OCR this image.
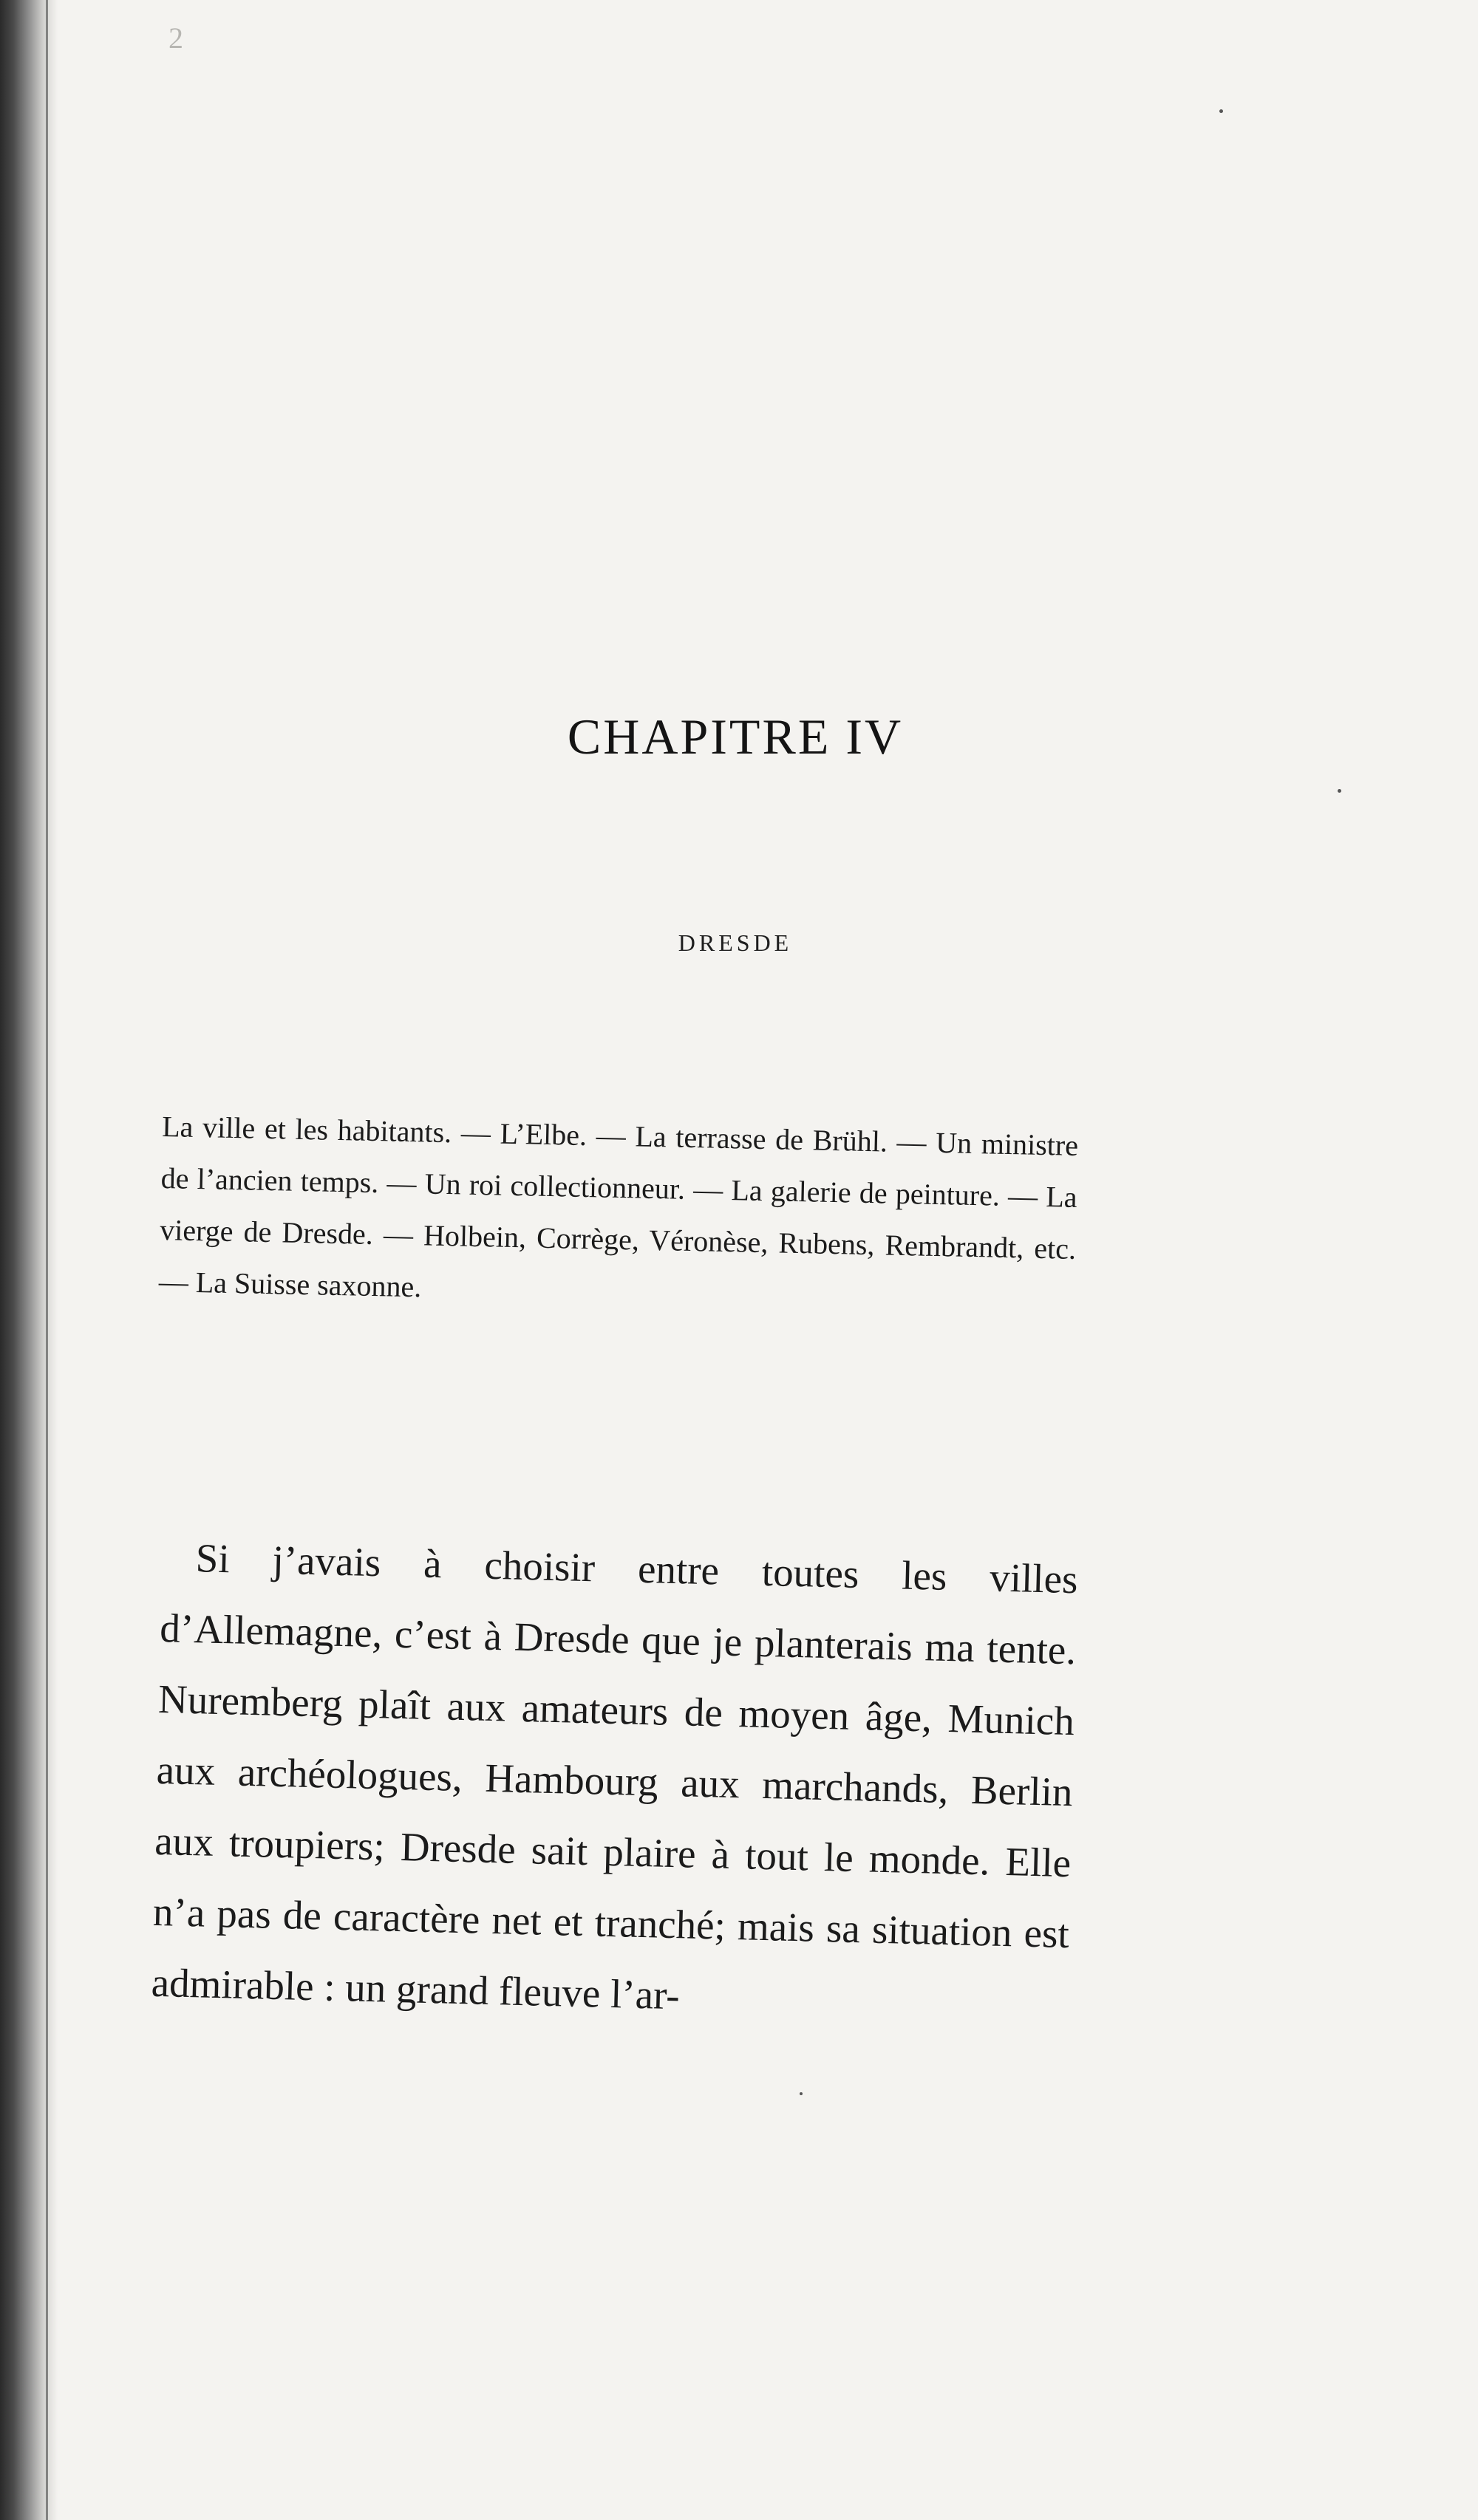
2
CHAPITRE IV
DRESDE

La ville et les habitants. — L’Elbe. — La terrasse de Brühl. — Un ministre de l’ancien temps. — Un roi collectionneur. — La galerie de peinture. — La vierge de Dresde. — Holbein, Corrège, Véronèse, Rubens, Rembrandt, etc. — La Suisse saxonne.

Si j’avais à choisir entre toutes les villes d’Allemagne, c’est à Dresde que je planterais ma tente. Nuremberg plaît aux amateurs de moyen âge, Munich aux archéologues, Hambourg aux marchands, Berlin aux troupiers; Dresde sait plaire à tout le monde. Elle n’a pas de caractère net et tranché; mais sa situation est admirable : un grand fleuve l’ar-
